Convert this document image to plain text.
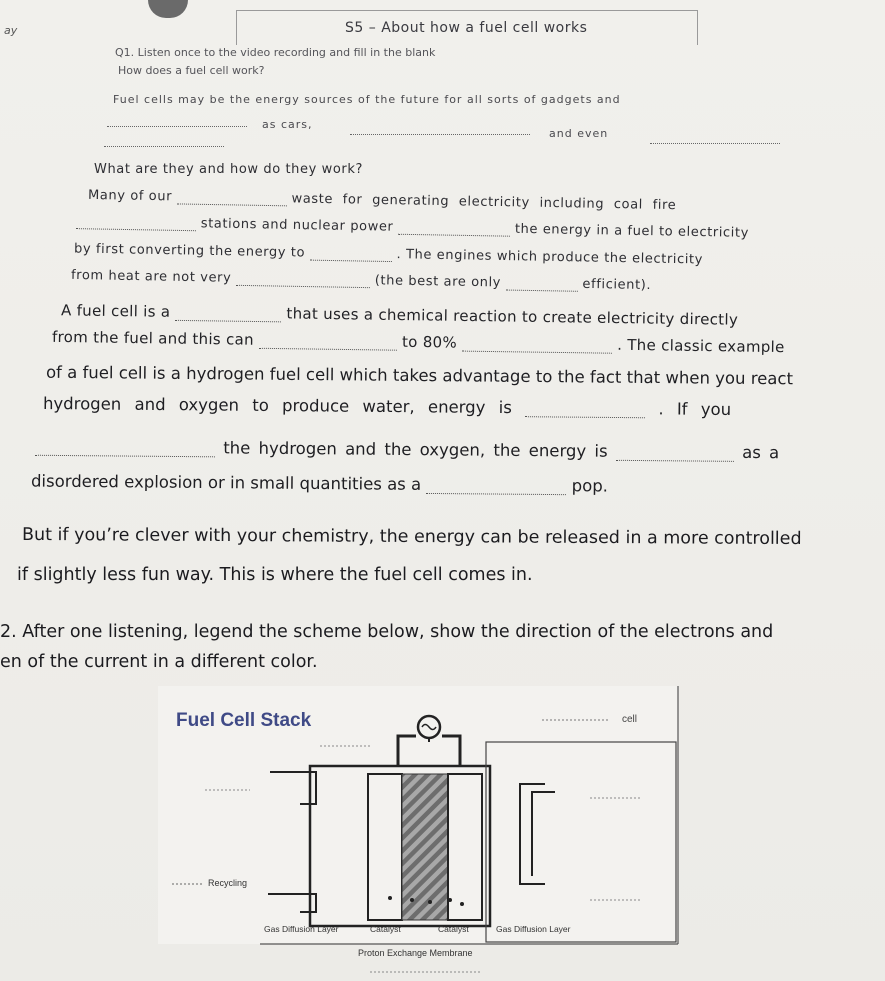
ay	S5 – About how a fuel cell works
Q1. Listen once to the video recording and fill in the blank
How does a fuel cell work?
Fuel cells may be the energy sources of the future for all sorts of gadgets and
as cars,
and even
What are they and how do they work?
Many of our	waste for generating electricity including coal fire
stations and nuclear power	the energy in a fuel to electricity
by first converting the energy to	. The engines which produce the electricity
from heat are not very	(the best are only	efficient).
A fuel cell is a	that uses a chemical reaction to create electricity directly
from the fuel and this can	to 80%	. The classic example
of a fuel cell is a hydrogen fuel cell which takes advantage to the fact that when you react
hydrogen and oxygen to produce water, energy is	. If you
the hydrogen and the oxygen, the energy is	as a
disordered explosion or in small quantities as a	pop.
But if you’re clever with your chemistry, the energy can be released in a more controlled
if slightly less fun way. This is where the fuel cell comes in.
2. After one listening, legend the scheme below, show the direction of the electrons and
en of the current in a different color.
Fuel Cell Stack	cell
Recycling
Gas Diffusion Layer	Catalyst	Catalyst	Gas Diffusion Layer
Proton Exchange Membrane
